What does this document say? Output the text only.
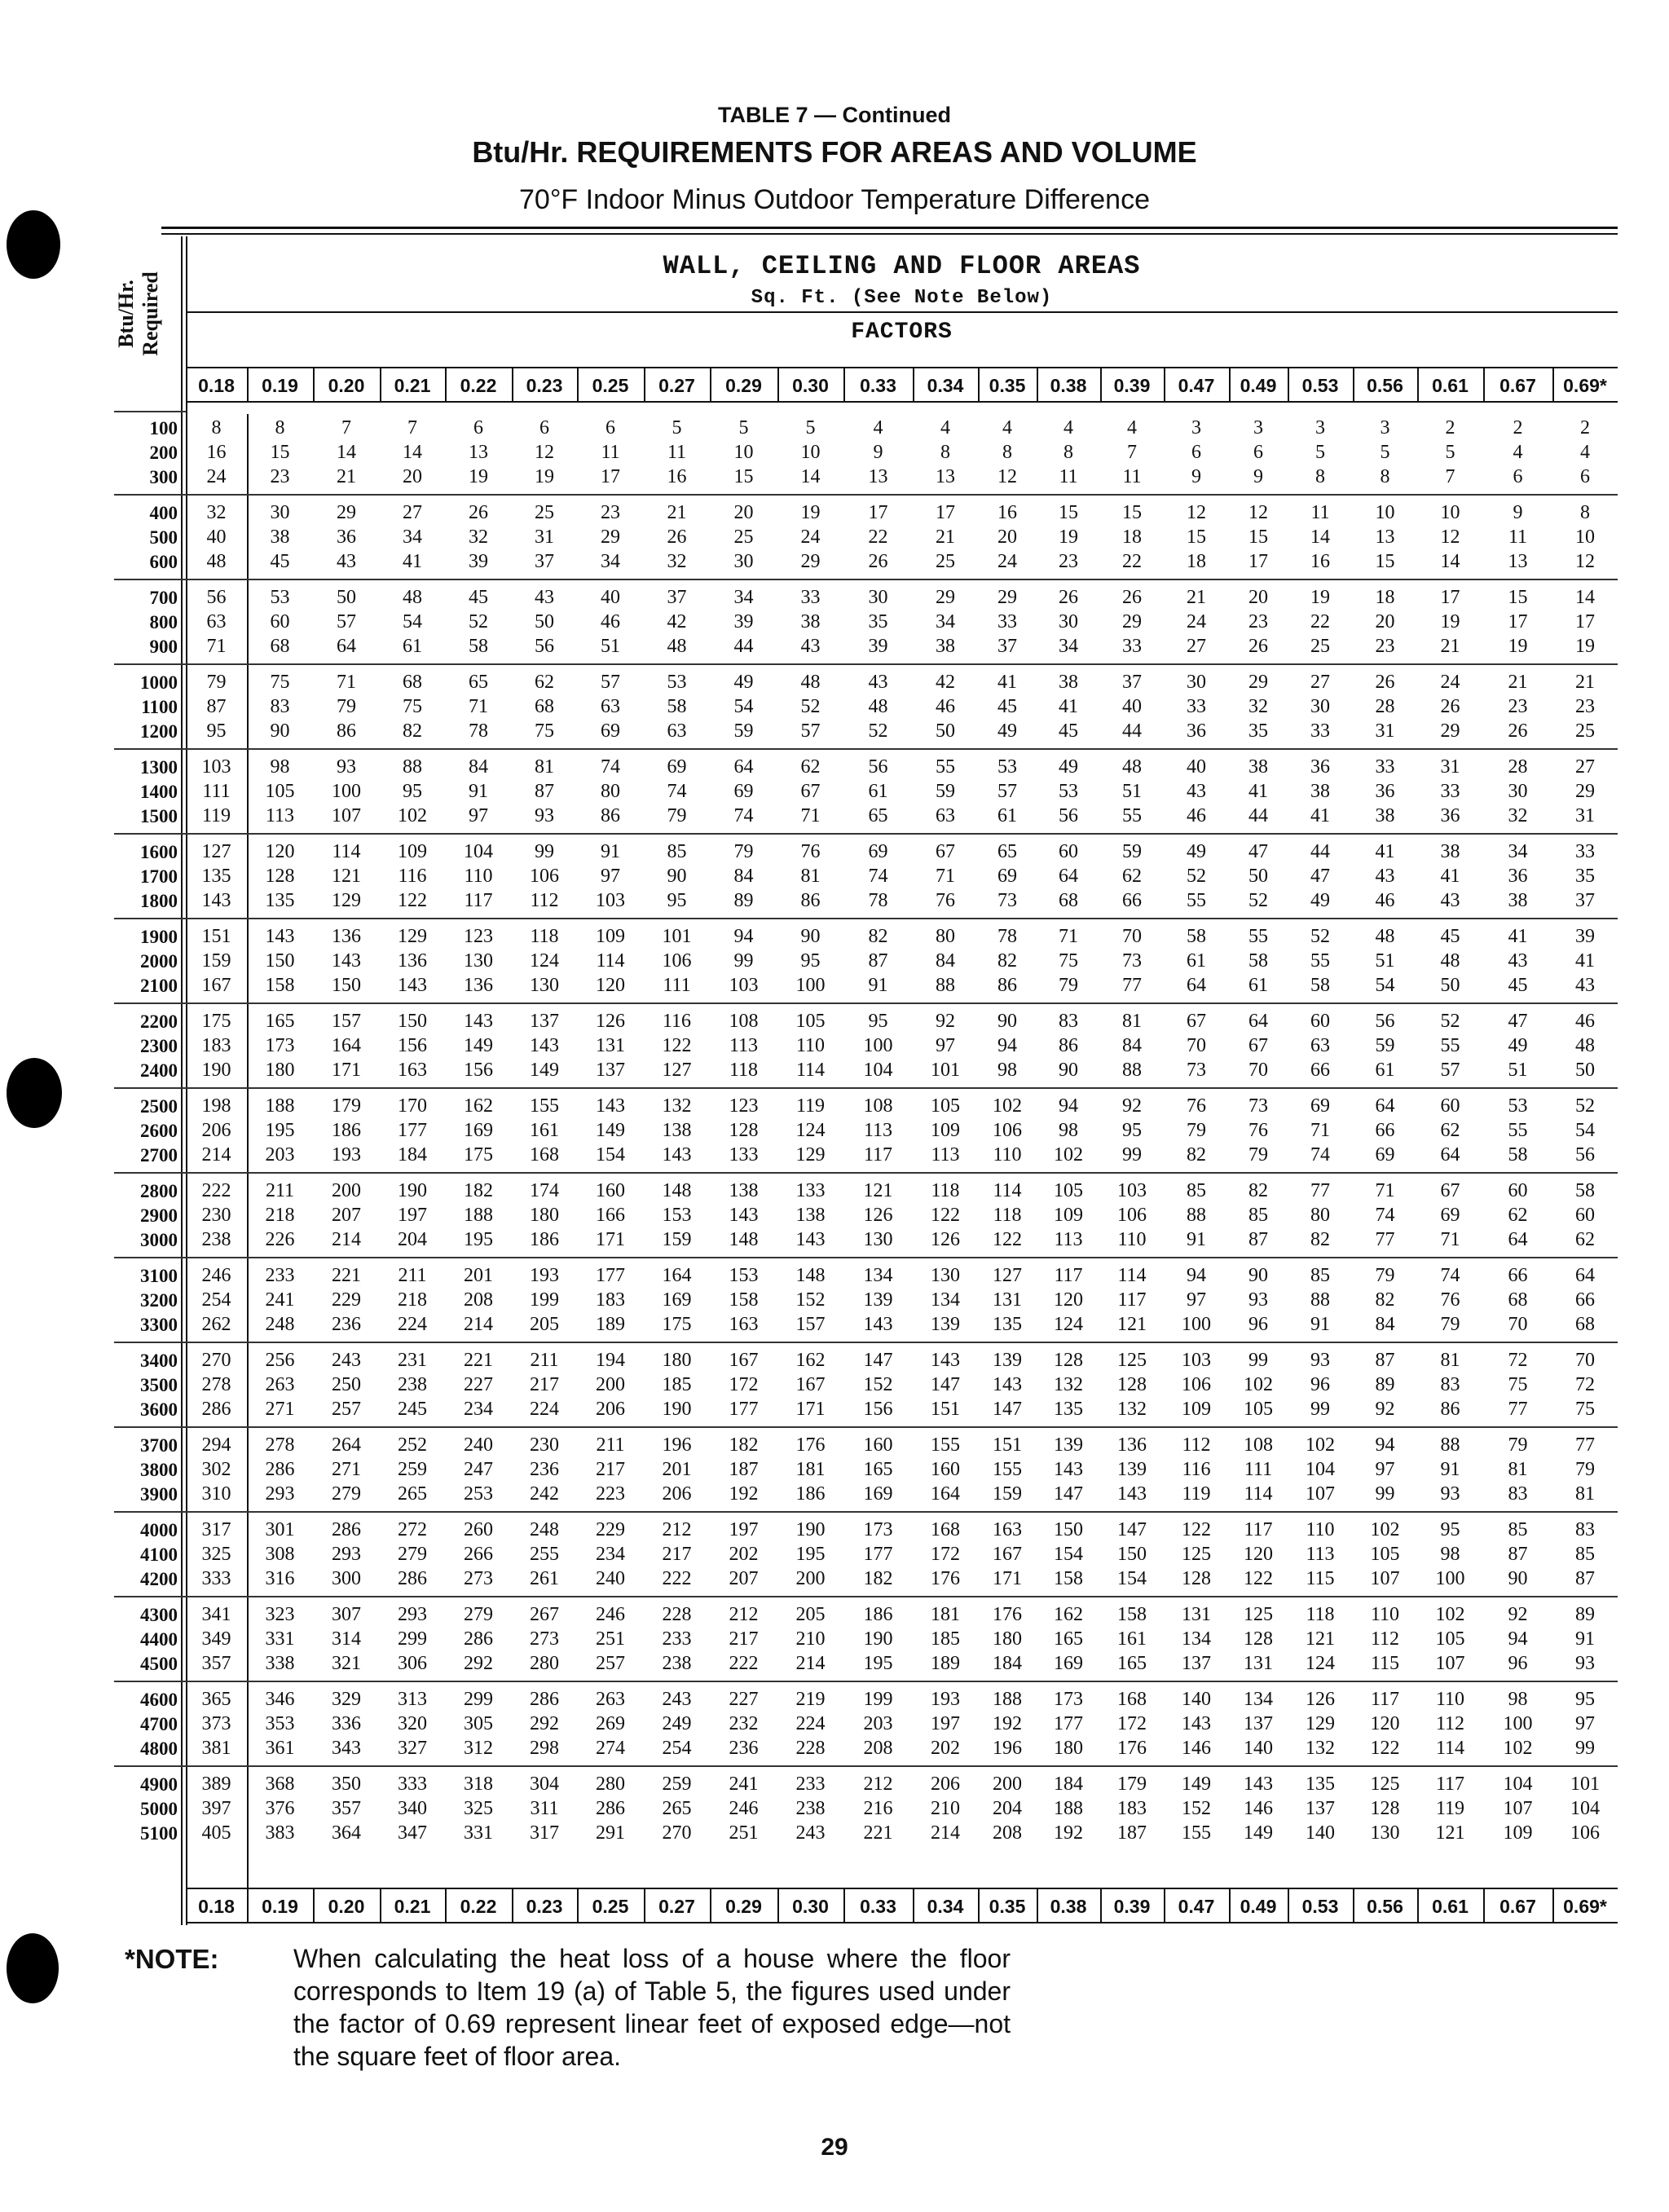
TABLE 7 — Continued
Btu/Hr. REQUIREMENTS FOR AREAS AND VOLUME
70°F Indoor Minus Outdoor Temperature Difference
Btu/Hr. Required
WALL, CEILING AND FLOOR AREAS
Sq. Ft. (See Note Below)
FACTORS
0.18	0.19	0.20	0.21	0.22	0.23	0.25	0.27	0.29	0.30	0.33	0.34	0.35	0.38	0.39	0.47	0.49	0.53	0.56	0.61	0.67	0.69*
0.18	0.19	0.20	0.21	0.22	0.23	0.25	0.27	0.29	0.30	0.33	0.34	0.35	0.38	0.39	0.47	0.49	0.53	0.56	0.61	0.67	0.69*
100	8	8	7	7	6	6	6	5	5	5	4	4	4	4	4	3	3	3	3	2	2	2
200	16	15	14	14	13	12	11	11	10	10	9	8	8	8	7	6	6	5	5	5	4	4
300	24	23	21	20	19	19	17	16	15	14	13	13	12	11	11	9	9	8	8	7	6	6
400	32	30	29	27	26	25	23	21	20	19	17	17	16	15	15	12	12	11	10	10	9	8
500	40	38	36	34	32	31	29	26	25	24	22	21	20	19	18	15	15	14	13	12	11	10
600	48	45	43	41	39	37	34	32	30	29	26	25	24	23	22	18	17	16	15	14	13	12
700	56	53	50	48	45	43	40	37	34	33	30	29	29	26	26	21	20	19	18	17	15	14
800	63	60	57	54	52	50	46	42	39	38	35	34	33	30	29	24	23	22	20	19	17	17
900	71	68	64	61	58	56	51	48	44	43	39	38	37	34	33	27	26	25	23	21	19	19
1000	79	75	71	68	65	62	57	53	49	48	43	42	41	38	37	30	29	27	26	24	21	21
1100	87	83	79	75	71	68	63	58	54	52	48	46	45	41	40	33	32	30	28	26	23	23
1200	95	90	86	82	78	75	69	63	59	57	52	50	49	45	44	36	35	33	31	29	26	25
1300	103	98	93	88	84	81	74	69	64	62	56	55	53	49	48	40	38	36	33	31	28	27
1400	111	105	100	95	91	87	80	74	69	67	61	59	57	53	51	43	41	38	36	33	30	29
1500	119	113	107	102	97	93	86	79	74	71	65	63	61	56	55	46	44	41	38	36	32	31
1600	127	120	114	109	104	99	91	85	79	76	69	67	65	60	59	49	47	44	41	38	34	33
1700	135	128	121	116	110	106	97	90	84	81	74	71	69	64	62	52	50	47	43	41	36	35
1800	143	135	129	122	117	112	103	95	89	86	78	76	73	68	66	55	52	49	46	43	38	37
1900	151	143	136	129	123	118	109	101	94	90	82	80	78	71	70	58	55	52	48	45	41	39
2000	159	150	143	136	130	124	114	106	99	95	87	84	82	75	73	61	58	55	51	48	43	41
2100	167	158	150	143	136	130	120	111	103	100	91	88	86	79	77	64	61	58	54	50	45	43
2200	175	165	157	150	143	137	126	116	108	105	95	92	90	83	81	67	64	60	56	52	47	46
2300	183	173	164	156	149	143	131	122	113	110	100	97	94	86	84	70	67	63	59	55	49	48
2400	190	180	171	163	156	149	137	127	118	114	104	101	98	90	88	73	70	66	61	57	51	50
2500	198	188	179	170	162	155	143	132	123	119	108	105	102	94	92	76	73	69	64	60	53	52
2600	206	195	186	177	169	161	149	138	128	124	113	109	106	98	95	79	76	71	66	62	55	54
2700	214	203	193	184	175	168	154	143	133	129	117	113	110	102	99	82	79	74	69	64	58	56
2800	222	211	200	190	182	174	160	148	138	133	121	118	114	105	103	85	82	77	71	67	60	58
2900	230	218	207	197	188	180	166	153	143	138	126	122	118	109	106	88	85	80	74	69	62	60
3000	238	226	214	204	195	186	171	159	148	143	130	126	122	113	110	91	87	82	77	71	64	62
3100	246	233	221	211	201	193	177	164	153	148	134	130	127	117	114	94	90	85	79	74	66	64
3200	254	241	229	218	208	199	183	169	158	152	139	134	131	120	117	97	93	88	82	76	68	66
3300	262	248	236	224	214	205	189	175	163	157	143	139	135	124	121	100	96	91	84	79	70	68
3400	270	256	243	231	221	211	194	180	167	162	147	143	139	128	125	103	99	93	87	81	72	70
3500	278	263	250	238	227	217	200	185	172	167	152	147	143	132	128	106	102	96	89	83	75	72
3600	286	271	257	245	234	224	206	190	177	171	156	151	147	135	132	109	105	99	92	86	77	75
3700	294	278	264	252	240	230	211	196	182	176	160	155	151	139	136	112	108	102	94	88	79	77
3800	302	286	271	259	247	236	217	201	187	181	165	160	155	143	139	116	111	104	97	91	81	79
3900	310	293	279	265	253	242	223	206	192	186	169	164	159	147	143	119	114	107	99	93	83	81
4000	317	301	286	272	260	248	229	212	197	190	173	168	163	150	147	122	117	110	102	95	85	83
4100	325	308	293	279	266	255	234	217	202	195	177	172	167	154	150	125	120	113	105	98	87	85
4200	333	316	300	286	273	261	240	222	207	200	182	176	171	158	154	128	122	115	107	100	90	87
4300	341	323	307	293	279	267	246	228	212	205	186	181	176	162	158	131	125	118	110	102	92	89
4400	349	331	314	299	286	273	251	233	217	210	190	185	180	165	161	134	128	121	112	105	94	91
4500	357	338	321	306	292	280	257	238	222	214	195	189	184	169	165	137	131	124	115	107	96	93
4600	365	346	329	313	299	286	263	243	227	219	199	193	188	173	168	140	134	126	117	110	98	95
4700	373	353	336	320	305	292	269	249	232	224	203	197	192	177	172	143	137	129	120	112	100	97
4800	381	361	343	327	312	298	274	254	236	228	208	202	196	180	176	146	140	132	122	114	102	99
4900	389	368	350	333	318	304	280	259	241	233	212	206	200	184	179	149	143	135	125	117	104	101
5000	397	376	357	340	325	311	286	265	246	238	216	210	204	188	183	152	146	137	128	119	107	104
5100	405	383	364	347	331	317	291	270	251	243	221	214	208	192	187	155	149	140	130	121	109	106
*NOTE:	When calculating the heat loss of a house where the floor corresponds to Item 19 (a) of Table 5, the figures used under the factor of 0.69 represent linear feet of exposed edge—not the square feet of floor area.
29
